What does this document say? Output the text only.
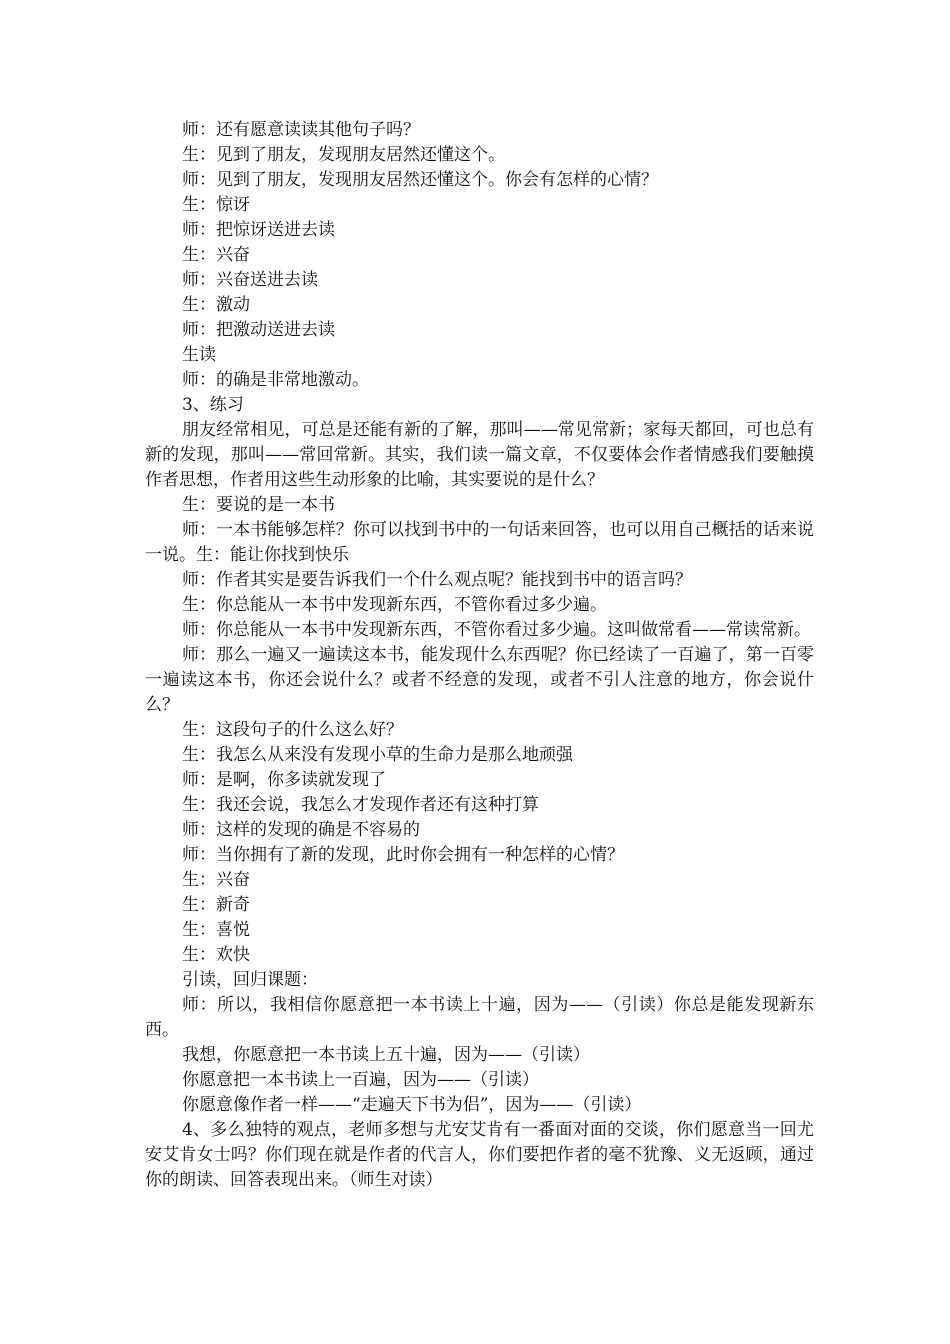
师：还有愿意读读其他句子吗？

生：见到了朋友，发现朋友居然还懂这个。

师：见到了朋友，发现朋友居然还懂这个。你会有怎样的心情？

生：惊讶

师：把惊讶送进去读

生：兴奋

师：兴奋送进去读

生：激动

师：把激动送进去读

生读

师：的确是非常地激动。

3、练习

朋友经常相见，可总是还能有新的了解，那叫——常见常新；家每天都回，可也总有新的发现，那叫——常回常新。其实，我们读一篇文章，不仅要体会作者情感我们要触摸作者思想，作者用这些生动形象的比喻，其实要说的是什么？

生：要说的是一本书

师：一本书能够怎样？你可以找到书中的一句话来回答，也可以用自己概括的话来说一说。生：能让你找到快乐

师：作者其实是要告诉我们一个什么观点呢？能找到书中的语言吗？

生：你总能从一本书中发现新东西，不管你看过多少遍。

师：你总能从一本书中发现新东西，不管你看过多少遍。这叫做常看——常读常新。

师：那么一遍又一遍读这本书，能发现什么东西呢？你已经读了一百遍了，第一百零一遍读这本书，你还会说什么？或者不经意的发现，或者不引人注意的地方，你会说什么？

生：这段句子的什么这么好？

生：我怎么从来没有发现小草的生命力是那么地顽强

师：是啊，你多读就发现了

生：我还会说，我怎么才发现作者还有这种打算

师：这样的发现的确是不容易的

师：当你拥有了新的发现，此时你会拥有一种怎样的心情？

生：兴奋

生：新奇

生：喜悦

生：欢快

引读，回归课题：

师：所以，我相信你愿意把一本书读上十遍，因为——（引读）你总是能发现新东西。

我想，你愿意把一本书读上五十遍，因为——（引读）

你愿意把一本书读上一百遍，因为——（引读）

你愿意像作者一样——“走遍天下书为侣”，因为——（引读）

4、多么独特的观点，老师多想与尤安艾肯有一番面对面的交谈，你们愿意当一回尤安艾肯女士吗？你们现在就是作者的代言人，你们要把作者的毫不犹豫、义无返顾，通过你的朗读、回答表现出来。（师生对读）
